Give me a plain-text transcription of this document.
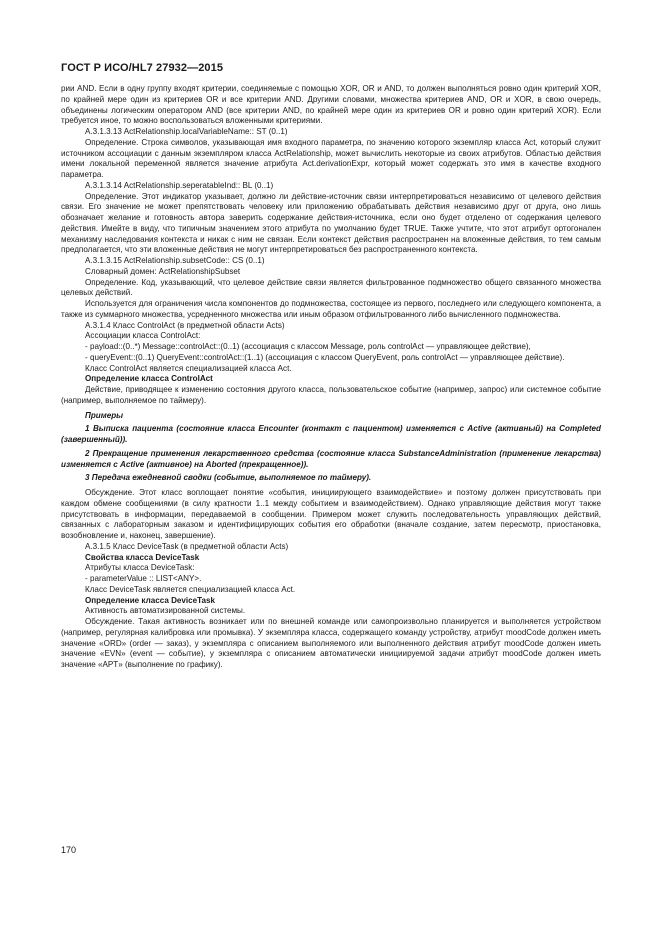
ГОСТ Р ИСО/HL7 27932—2015

рии AND. Если в одну группу входят критерии, соединяемые с помощью XOR, OR и AND, то должен выполняться ровно один критерий XOR, по крайней мере один из критериев OR и все критерии AND. Другими словами, множества критериев AND, OR и XOR, в свою очередь, объединены логическим оператором AND (все критерии AND, по крайней мере один из критериев OR и ровно один критерий XOR). Если требуется иное, то можно воспользоваться вложенными критериями.

A.3.1.3.13 ActRelationship.localVariableName:: ST (0..1)

Определение. Строка символов, указывающая имя входного параметра, по значению которого экземпляр класса Act, который служит источником ассоциации с данным экземпляром класса ActRelationship, может вычислить некоторые из своих атрибутов. Областью действия имени локальной переменной является значение атрибута Act.derivationExpr, который может содержать это имя в качестве входного параметра.

A.3.1.3.14 ActRelationship.seperatableInd:: BL (0..1)

Определение. Этот индикатор указывает, должно ли действие-источник связи интерпретироваться независимо от целевого действия связи. Его значение не может препятствовать человеку или приложению обрабатывать действия независимо друг от друга, оно лишь обозначает желание и готовность автора заверить содержание действия-источника, если оно будет отделено от содержания целевого действия. Имейте в виду, что типичным значением этого атрибута по умолчанию будет TRUE. Также учтите, что этот атрибут ортогонален механизму наследования контекста и никак с ним не связан. Если контекст действия распространен на вложенные действия, то тем самым предполагается, что эти вложенные действия не могут интерпретироваться без распространенного контекста.

A.3.1.3.15 ActRelationship.subsetCode:: CS (0..1)

Словарный домен: ActRelationshipSubset

Определение. Код, указывающий, что целевое действие связи является фильтрованное подмножество общего связанного множества целевых действий.

Используется для ограничения числа компонентов до подмножества, состоящее из первого, последнего или следующего компонента, а также из суммарного множества, усредненного множества или иным образом отфильтрованного либо вычисленного подмножества.

A.3.1.4 Класс ControlAct (в предметной области Acts)

Ассоциации класса ControlAct:

- payload::(0..*) Message::controlAct::(0..1) (ассоциация с классом Message, роль controlAct — управляющее действие),

- queryEvent::(0..1) QueryEvent::controlAct::(1..1) (ассоциация с классом QueryEvent, роль controlAct — управляющее действие).

Класс ControlAct является специализацией класса Act.

Определение класса ControlAct

Действие, приводящее к изменению состояния другого класса, пользовательское событие (например, запрос) или системное событие (например, выполняемое по таймеру).

Примеры

1 Выписка пациента (состояние класса Encounter (контакт с пациентом) изменяется с Active (активный) на Completed (завершенный)).

2 Прекращение применения лекарственного средства (состояние класса SubstanceAdministration (применение лекарства) изменяется с Active (активное) на Aborted (прекращенное)).

3 Передача ежедневной сводки (событие, выполняемое по таймеру).

Обсуждение. Этот класс воплощает понятие «события, инициирующего взаимодействие» и поэтому должен присутствовать при каждом обмене сообщениями (в силу кратности 1..1 между событием и взаимодействием). Однако управляющие действия могут также присутствовать в информации, передаваемой в сообщении. Примером может служить последовательность управляющих действий, связанных с лабораторным заказом и идентифицирующих события его обработки (вначале создание, затем пересмотр, приостановка, возобновление и, наконец, завершение).

A.3.1.5 Класс DeviceTask (в предметной области Acts)

Свойства класса DeviceTask

Атрибуты класса DeviceTask:

- parameterValue :: LIST<ANY>.

Класс DeviceTask является специализацией класса Act.

Определение класса DeviceTask

Активность автоматизированной системы.

Обсуждение. Такая активность возникает или по внешней команде или самопроизвольно планируется и выполняется устройством (например, регулярная калибровка или промывка). У экземпляра класса, содержащего команду устройству, атрибут moodCode должен иметь значение «ORD» (order — заказ), у экземпляра с описанием выполняемого или выполненного действия атрибут moodCode должен иметь значение «EVN» (event — событие), у экземпляра с описанием автоматически инициируемой задачи атрибут moodCode должен иметь значение «APT» (выполнение по графику).

170
